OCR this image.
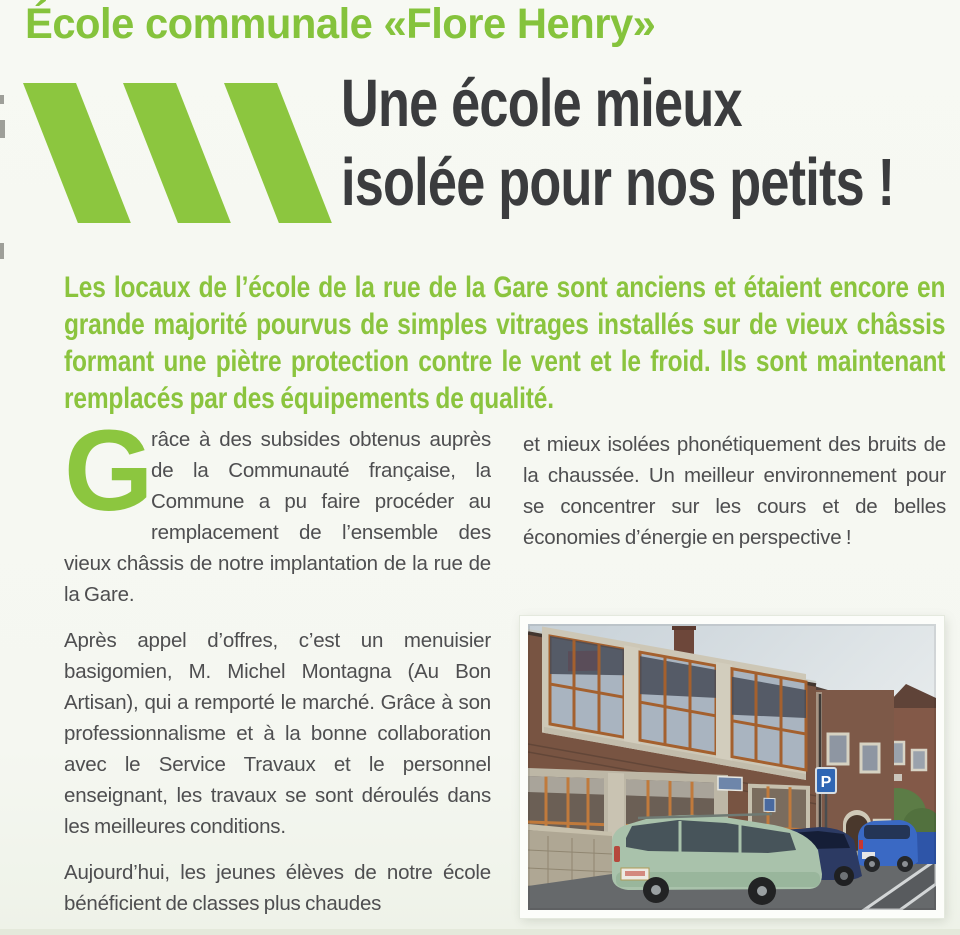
École communale «Flore Henry»
Une école mieux
isolée pour nos petits !

Les locaux de l’école de la rue de la Gare sont anciens et étaient encore en grande majorité pourvus de simples vitrages installés sur de vieux châssis formant une piètre protection contre le vent et le froid. Ils sont maintenant remplacés par des équipements de qualité.

G
râce à des subsides obtenus auprès de la Communauté française, la Commune a pu faire procéder au remplacement de l’ensemble des vieux châssis de notre implantation de la rue de la Gare.

Après appel d’offres, c’est un menuisier basigomien, M. Michel Montagna (Au Bon Artisan), qui a remporté le marché. Grâce à son professionnalisme et à la bonne collaboration avec le Service Travaux et le personnel enseignant, les travaux se sont déroulés dans les meilleures conditions.

Aujourd’hui, les jeunes élèves de notre école bénéficient de classes plus chaudes

et mieux isolées phonétiquement des bruits de la chaussée. Un meilleur environnement pour se concentrer sur les cours et de belles économies d’énergie en perspective !

P
